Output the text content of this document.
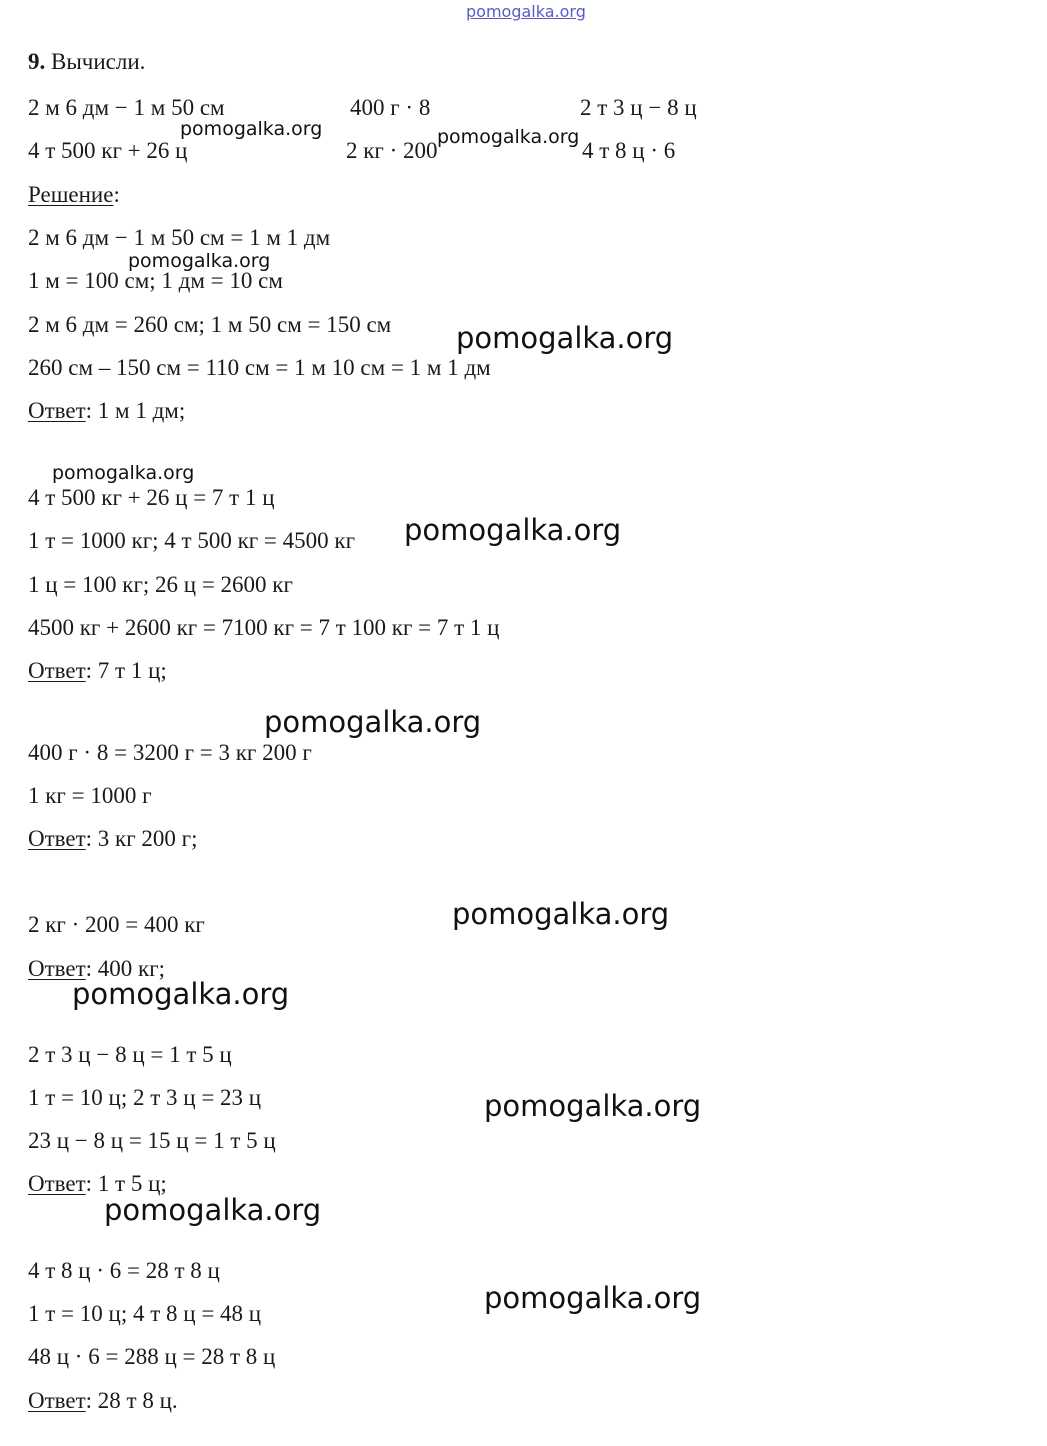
pomogalka.org
9. Вычисли.
2 м 6 дм − 1 м 50 см	400 г · 8	2 т 3 ц − 8 ц
4 т 500 кг + 26 ц	2 кг · 200	4 т 8 ц · 6
Решение:
2 м 6 дм − 1 м 50 см = 1 м 1 дм
1 м = 100 см; 1 дм = 10 см
2 м 6 дм = 260 см; 1 м 50 см = 150 см
260 см – 150 см = 110 см = 1 м 10 см = 1 м 1 дм
Ответ: 1 м 1 дм;
4 т 500 кг + 26 ц = 7 т 1 ц
1 т = 1000 кг; 4 т 500 кг = 4500 кг
1 ц = 100 кг; 26 ц = 2600 кг
4500 кг + 2600 кг = 7100 кг = 7 т 100 кг = 7 т 1 ц
Ответ: 7 т 1 ц;
400 г · 8 = 3200 г = 3 кг 200 г
1 кг = 1000 г
Ответ: 3 кг 200 г;
2 кг · 200 = 400 кг
Ответ: 400 кг;
2 т 3 ц − 8 ц = 1 т 5 ц
1 т = 10 ц; 2 т 3 ц = 23 ц
23 ц − 8 ц = 15 ц = 1 т 5 ц
Ответ: 1 т 5 ц;
4 т 8 ц · 6 = 28 т 8 ц
1 т = 10 ц; 4 т 8 ц = 48 ц
48 ц · 6 = 288 ц = 28 т 8 ц
Ответ: 28 т 8 ц.
pomogalka.org	pomogalka.org
pomogalka.org
pomogalka.org
pomogalka.org
pomogalka.org
pomogalka.org
pomogalka.org
pomogalka.org
pomogalka.org
pomogalka.org
pomogalka.org
